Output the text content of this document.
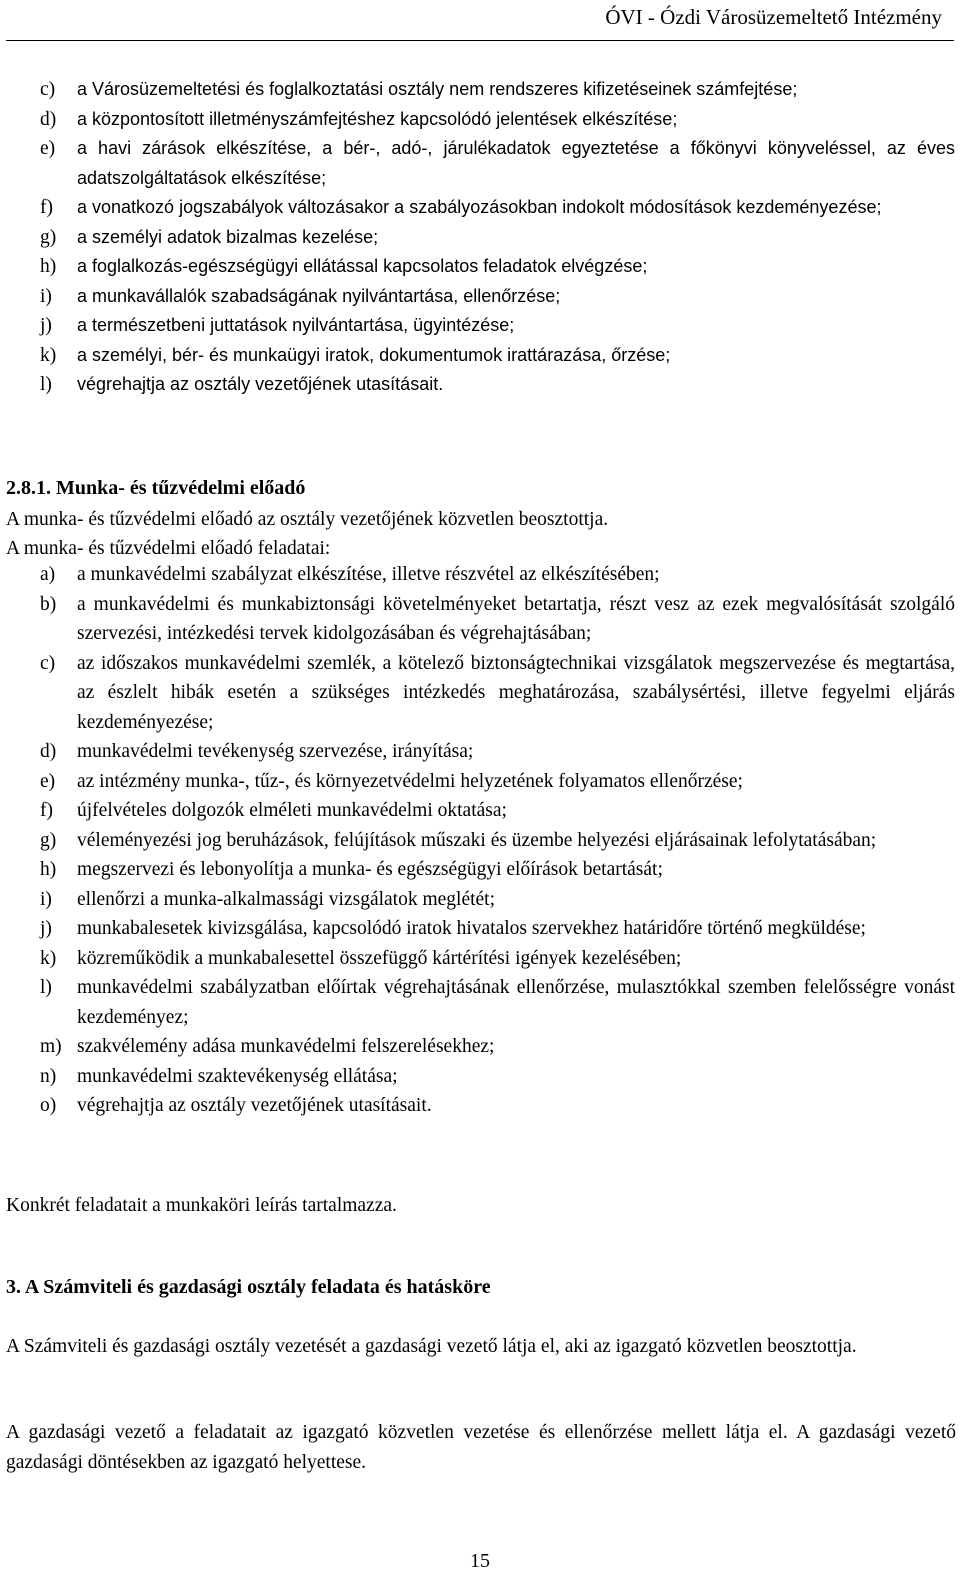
ÓVI - Ózdi Városüzemeltető Intézmény
c) a Városüzemeltetési és foglalkoztatási osztály nem rendszeres kifizetéseinek számfejtése;
d) a központosított illetményszámfejtéshez kapcsolódó jelentések elkészítése;
e) a havi zárások elkészítése, a bér-, adó-, járulékadatok egyeztetése a főkönyvi könyveléssel, az éves adatszolgáltatások elkészítése;
f) a vonatkozó jogszabályok változásakor a szabályozásokban indokolt módosítások kezdeményezése;
g) a személyi adatok bizalmas kezelése;
h) a foglalkozás-egészségügyi ellátással kapcsolatos feladatok elvégzése;
i) a munkavállalók szabadságának nyilvántartása, ellenőrzése;
j) a természetbeni juttatások nyilvántartása, ügyintézése;
k) a személyi, bér- és munkaügyi iratok, dokumentumok irattárazása, őrzése;
l) végrehajtja az osztály vezetőjének utasításait.
2.8.1. Munka- és tűzvédelmi előadó
A munka- és tűzvédelmi előadó az osztály vezetőjének közvetlen beosztottja.
A munka- és tűzvédelmi előadó feladatai:
a) a munkavédelmi szabályzat elkészítése, illetve részvétel az elkészítésében;
b) a munkavédelmi és munkabiztonsági követelményeket betartatja, részt vesz az ezek megvalósítását szolgáló szervezési, intézkedési tervek kidolgozásában és végrehajtásában;
c) az időszakos munkavédelmi szemlék, a kötelező biztonságtechnikai vizsgálatok megszervezése és megtartása, az észlelt hibák esetén a szükséges intézkedés meghatározása, szabálysértési, illetve fegyelmi eljárás kezdeményezése;
d) munkavédelmi tevékenység szervezése, irányítása;
e) az intézmény munka-, tűz-, és környezetvédelmi helyzetének folyamatos ellenőrzése;
f) újfelvételes dolgozók elméleti munkavédelmi oktatása;
g) véleményezési jog beruházások, felújítások műszaki és üzembe helyezési eljárásainak lefolytatásában;
h) megszervezi és lebonyolítja a munka- és egészségügyi előírások betartását;
i) ellenőrzi a munka-alkalmassági vizsgálatok meglétét;
j) munkabalesetek kivizsgálása, kapcsolódó iratok hivatalos szervekhez határidőre történő megküldése;
k) közreműködik a munkabalesettel összefüggő kártérítési igények kezelésében;
l) munkavédelmi szabályzatban előírtak végrehajtásának ellenőrzése, mulasztókkal szemben felelősségre vonást kezdeményez;
m) szakvélemény adása munkavédelmi felszerelésekhez;
n) munkavédelmi szaktevékenység ellátása;
o) végrehajtja az osztály vezetőjének utasításait.
Konkrét feladatait a munkaköri leírás tartalmazza.
3. A Számviteli és gazdasági osztály feladata és hatásköre
A Számviteli és gazdasági osztály vezetését a gazdasági vezető látja el, aki az igazgató közvetlen beosztottja.
A gazdasági vezető a feladatait az igazgató közvetlen vezetése és ellenőrzése mellett látja el. A gazdasági vezető gazdasági döntésekben az igazgató helyettese.
15
